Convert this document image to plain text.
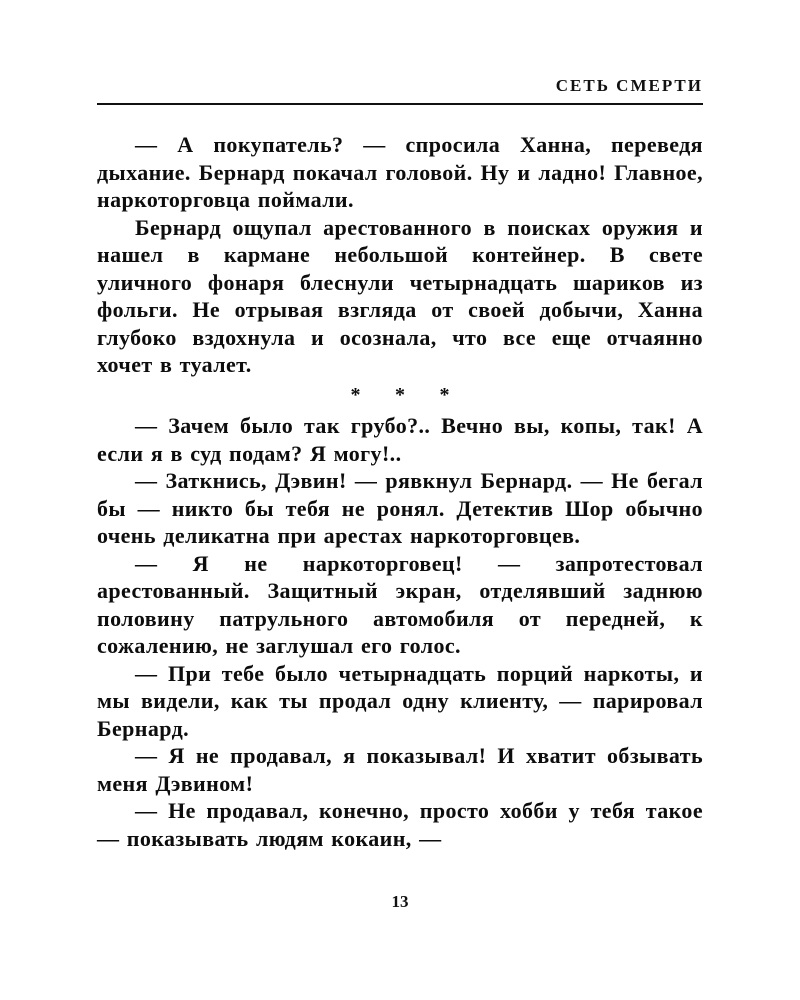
СЕТЬ СМЕРТИ

— А покупатель? — спросила Ханна, переведя дыхание. Бернард покачал головой. Ну и ладно! Главное, наркоторговца поймали.

Бернард ощупал арестованного в поисках оружия и нашел в кармане небольшой контейнер. В свете уличного фонаря блеснули четырнадцать шариков из фольги. Не отрывая взгляда от своей добычи, Ханна глубоко вздохнула и осознала, что все еще отчаянно хочет в туалет.

* * *

— Зачем было так грубо?.. Вечно вы, копы, так! А если я в суд подам? Я могу!..

— Заткнись, Дэвин! — рявкнул Бернард. — Не бегал бы — никто бы тебя не ронял. Детектив Шор обычно очень деликатна при арестах наркоторговцев.

— Я не наркоторговец! — запротестовал арестованный. Защитный экран, отделявший заднюю половину патрульного автомобиля от передней, к сожалению, не заглушал его голос.

— При тебе было четырнадцать порций наркоты, и мы видели, как ты продал одну клиенту, — парировал Бернард.

— Я не продавал, я показывал! И хватит обзывать меня Дэвином!

— Не продавал, конечно, просто хобби у тебя такое — показывать людям кокаин, —

13
